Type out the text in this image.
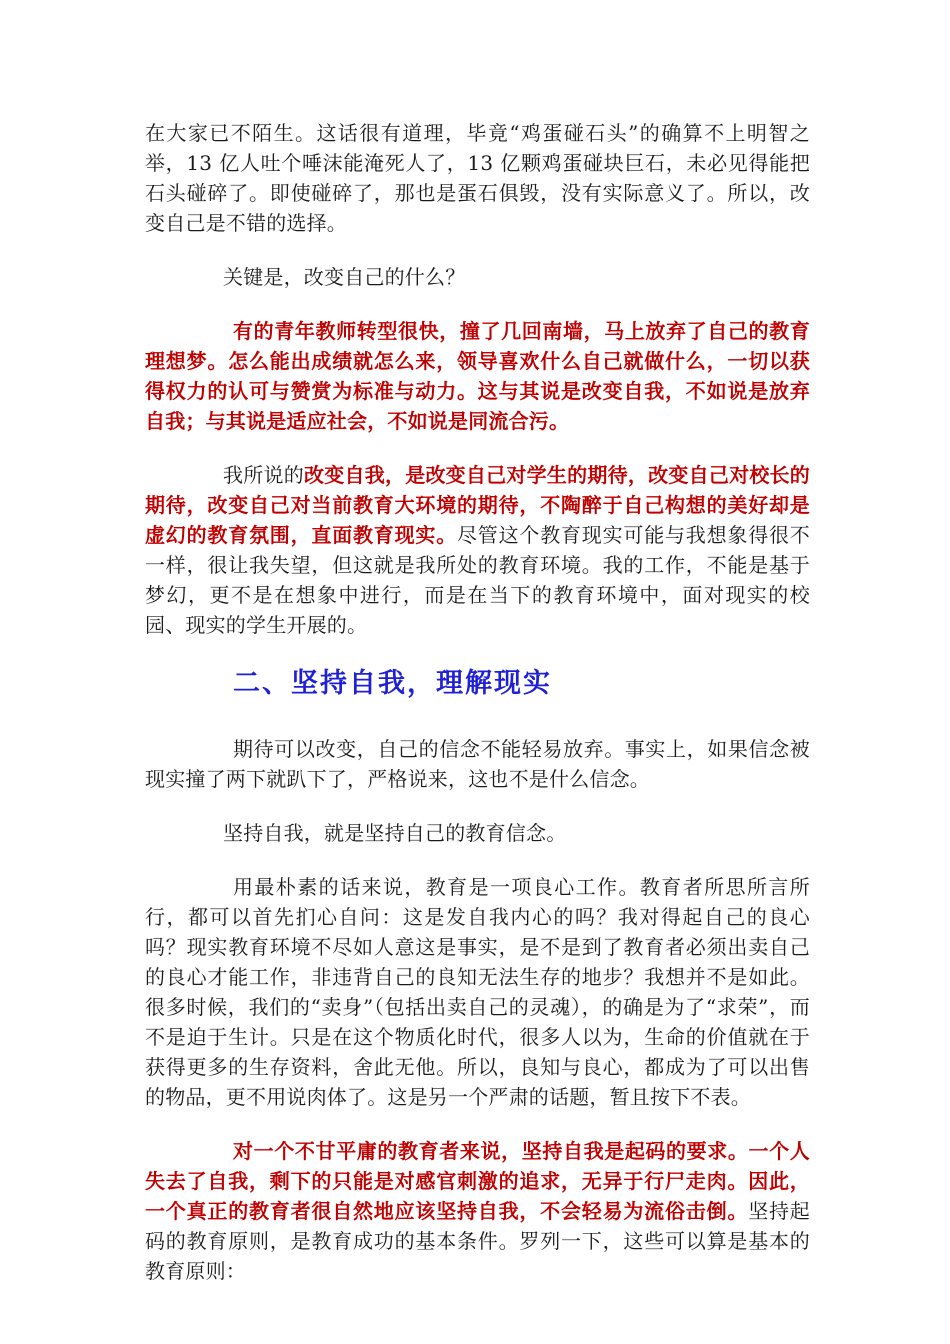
在大家已不陌生。这话很有道理，毕竟“鸡蛋碰石头”的确算不上明智之举，13 亿人吐个唾沫能淹死人了，13 亿颗鸡蛋碰块巨石，未必见得能把石头碰碎了。即使碰碎了，那也是蛋石俱毁，没有实际意义了。所以，改变自己是不错的选择。

关键是，改变自己的什么？

有的青年教师转型很快，撞了几回南墙，马上放弃了自己的教育理想梦。怎么能出成绩就怎么来，领导喜欢什么自己就做什么，一切以获得权力的认可与赞赏为标准与动力。这与其说是改变自我，不如说是放弃自我；与其说是适应社会，不如说是同流合污。

我所说的改变自我，是改变自己对学生的期待，改变自己对校长的期待，改变自己对当前教育大环境的期待，不陶醉于自己构想的美好却是虚幻的教育氛围，直面教育现实。尽管这个教育现实可能与我想象得很不一样，很让我失望，但这就是我所处的教育环境。我的工作，不能是基于梦幻，更不是在想象中进行，而是在当下的教育环境中，面对现实的校园、现实的学生开展的。

二、坚持自我，理解现实

期待可以改变，自己的信念不能轻易放弃。事实上，如果信念被现实撞了两下就趴下了，严格说来，这也不是什么信念。

坚持自我，就是坚持自己的教育信念。

用最朴素的话来说，教育是一项良心工作。教育者所思所言所行，都可以首先扪心自问：这是发自我内心的吗？我对得起自己的良心吗？现实教育环境不尽如人意这是事实，是不是到了教育者必须出卖自己的良心才能工作，非违背自己的良知无法生存的地步？我想并不是如此。很多时候，我们的“卖身”（包括出卖自己的灵魂），的确是为了“求荣”，而不是迫于生计。只是在这个物质化时代，很多人以为，生命的价值就在于获得更多的生存资料，舍此无他。所以，良知与良心，都成为了可以出售的物品，更不用说肉体了。这是另一个严肃的话题，暂且按下不表。

对一个不甘平庸的教育者来说，坚持自我是起码的要求。一个人失去了自我，剩下的只能是对感官刺激的追求，无异于行尸走肉。因此，一个真正的教育者很自然地应该坚持自我，不会轻易为流俗击倒。坚持起码的教育原则，是教育成功的基本条件。罗列一下，这些可以算是基本的教育原则：
